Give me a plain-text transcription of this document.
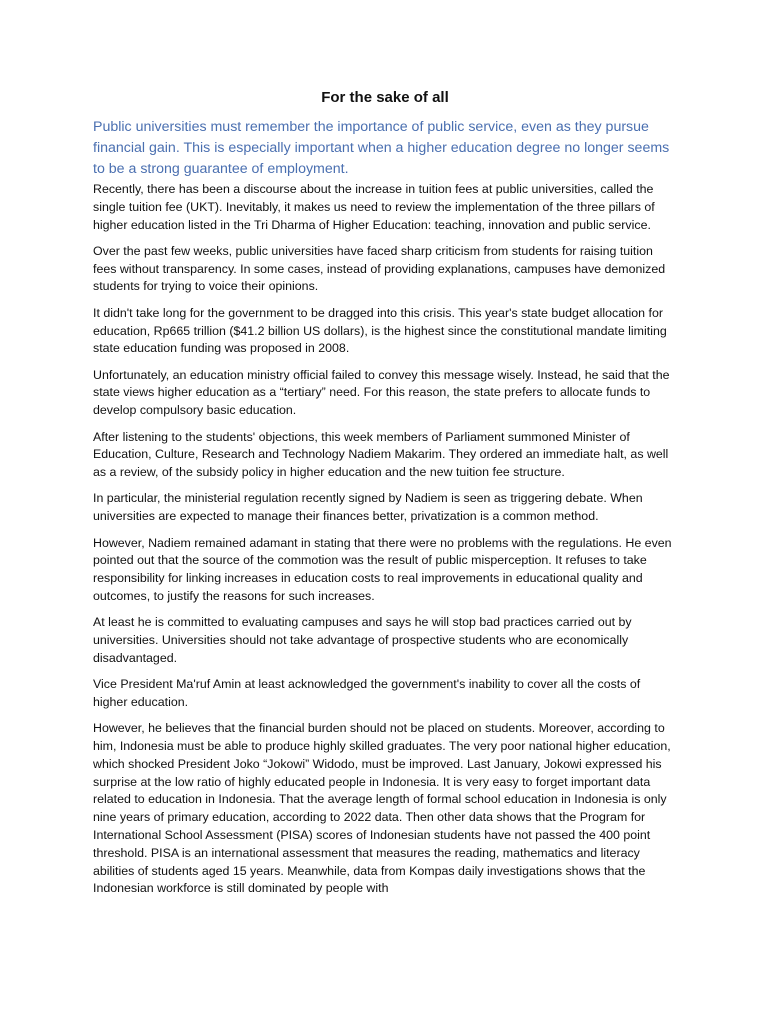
For the sake of all
Public universities must remember the importance of public service, even as they pursue financial gain. This is especially important when a higher education degree no longer seems to be a strong guarantee of employment.
Recently, there has been a discourse about the increase in tuition fees at public universities, called the single tuition fee (UKT). Inevitably, it makes us need to review the implementation of the three pillars of higher education listed in the Tri Dharma of Higher Education: teaching, innovation and public service.
Over the past few weeks, public universities have faced sharp criticism from students for raising tuition fees without transparency. In some cases, instead of providing explanations, campuses have demonized students for trying to voice their opinions.
It didn't take long for the government to be dragged into this crisis. This year's state budget allocation for education, Rp665 trillion ($41.2 billion US dollars), is the highest since the constitutional mandate limiting state education funding was proposed in 2008.
Unfortunately, an education ministry official failed to convey this message wisely. Instead, he said that the state views higher education as a “tertiary” need. For this reason, the state prefers to allocate funds to develop compulsory basic education.
After listening to the students' objections, this week members of Parliament summoned Minister of Education, Culture, Research and Technology Nadiem Makarim. They ordered an immediate halt, as well as a review, of the subsidy policy in higher education and the new tuition fee structure.
In particular, the ministerial regulation recently signed by Nadiem is seen as triggering debate. When universities are expected to manage their finances better, privatization is a common method.
However, Nadiem remained adamant in stating that there were no problems with the regulations. He even pointed out that the source of the commotion was the result of public misperception. It refuses to take responsibility for linking increases in education costs to real improvements in educational quality and outcomes, to justify the reasons for such increases.
At least he is committed to evaluating campuses and says he will stop bad practices carried out by universities. Universities should not take advantage of prospective students who are economically disadvantaged.
Vice President Ma'ruf Amin at least acknowledged the government's inability to cover all the costs of higher education.
However, he believes that the financial burden should not be placed on students. Moreover, according to him, Indonesia must be able to produce highly skilled graduates. The very poor national higher education, which shocked President Joko “Jokowi” Widodo, must be improved. Last January, Jokowi expressed his surprise at the low ratio of highly educated people in Indonesia. It is very easy to forget important data related to education in Indonesia. That the average length of formal school education in Indonesia is only nine years of primary education, according to 2022 data. Then other data shows that the Program for International School Assessment (PISA) scores of Indonesian students have not passed the 400 point threshold. PISA is an international assessment that measures the reading, mathematics and literacy abilities of students aged 15 years. Meanwhile, data from Kompas daily investigations shows that the Indonesian workforce is still dominated by people with
